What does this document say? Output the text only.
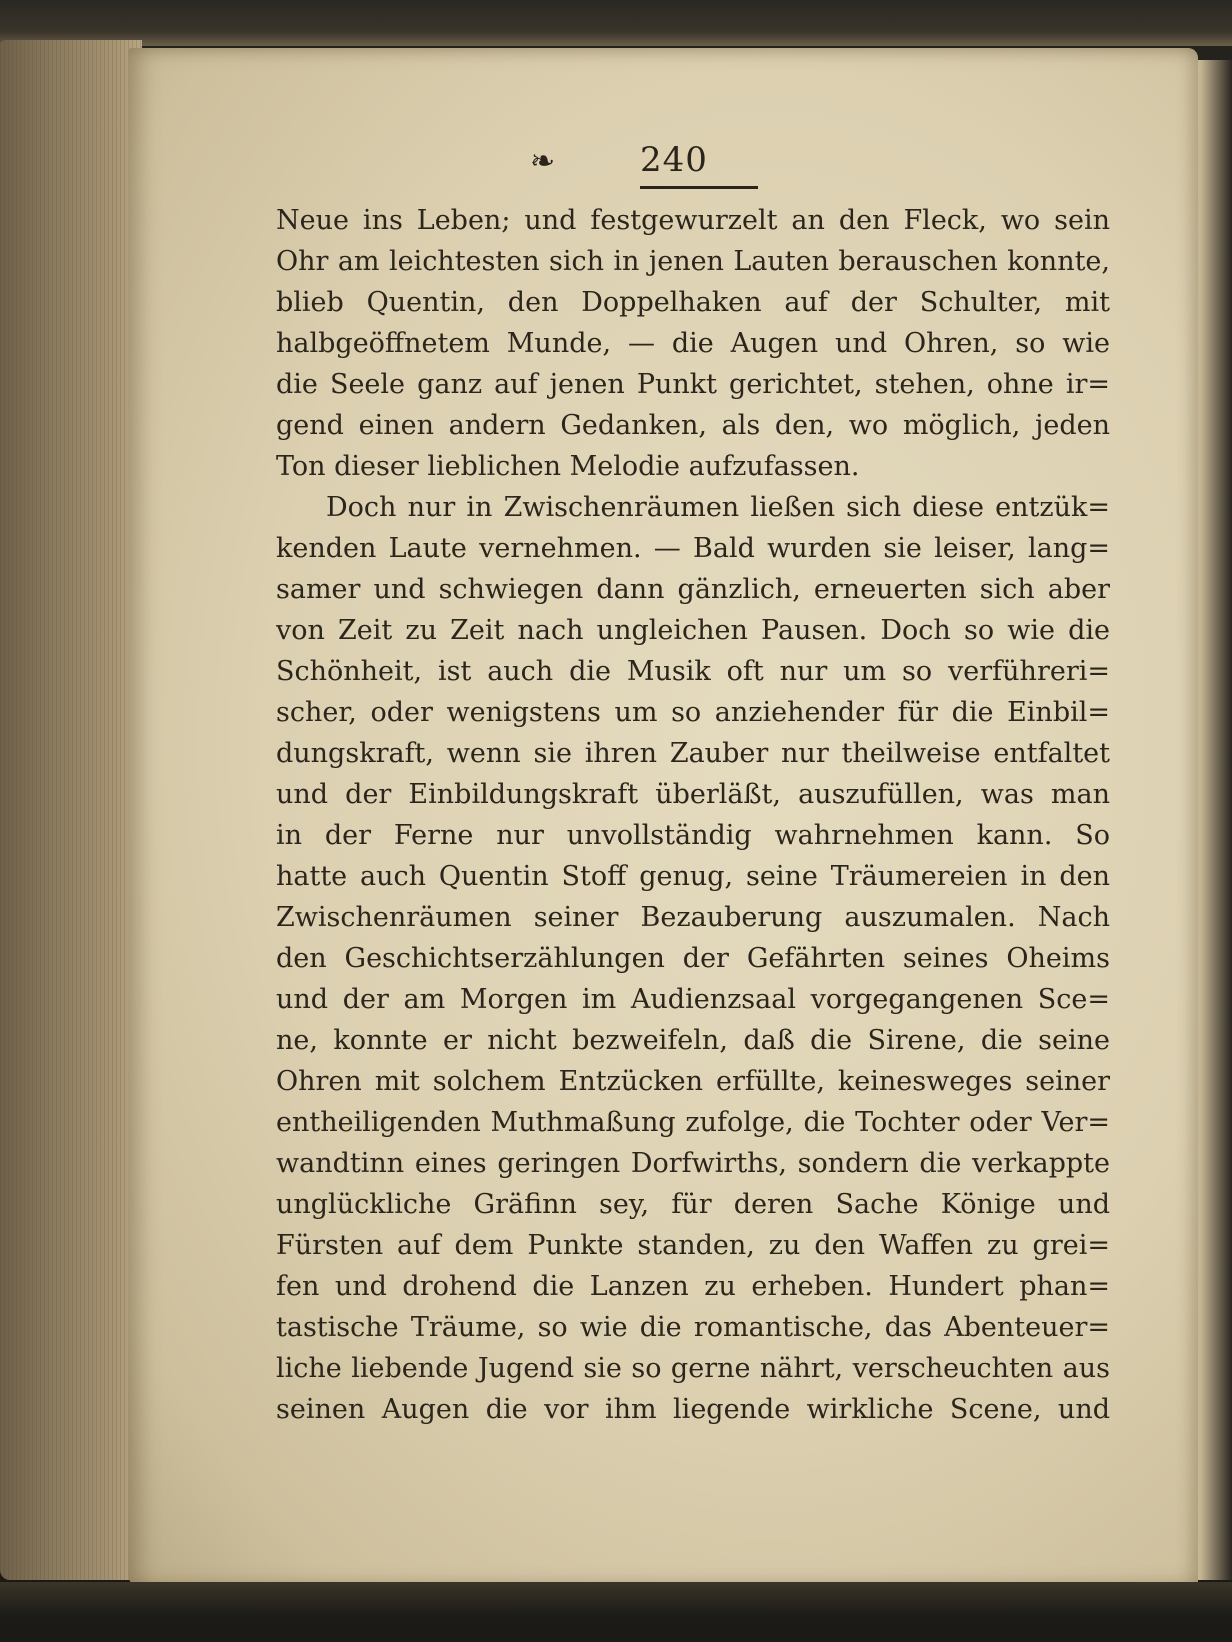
❧ 240
Neue ins Leben; und festgewurzelt an den Fleck, wo sein
Ohr am leichtesten sich in jenen Lauten berauschen konnte,
blieb Quentin, den Doppelhaken auf der Schulter, mit
halbgeöffnetem Munde, — die Augen und Ohren, so wie
die Seele ganz auf jenen Punkt gerichtet, stehen, ohne ir=
gend einen andern Gedanken, als den, wo möglich, jeden
Ton dieser lieblichen Melodie aufzufassen.
Doch nur in Zwischenräumen ließen sich diese entzük=
kenden Laute vernehmen. — Bald wurden sie leiser, lang=
samer und schwiegen dann gänzlich, erneuerten sich aber
von Zeit zu Zeit nach ungleichen Pausen. Doch so wie die
Schönheit, ist auch die Musik oft nur um so verführeri=
scher, oder wenigstens um so anziehender für die Einbil=
dungskraft, wenn sie ihren Zauber nur theilweise entfaltet
und der Einbildungskraft überläßt, auszufüllen, was man
in der Ferne nur unvollständig wahrnehmen kann. So
hatte auch Quentin Stoff genug, seine Träumereien in den
Zwischenräumen seiner Bezauberung auszumalen. Nach
den Geschichtserzählungen der Gefährten seines Oheims
und der am Morgen im Audienzsaal vorgegangenen Sce=
ne, konnte er nicht bezweifeln, daß die Sirene, die seine
Ohren mit solchem Entzücken erfüllte, keinesweges seiner
entheiligenden Muthmaßung zufolge, die Tochter oder Ver=
wandtinn eines geringen Dorfwirths, sondern die verkappte
unglückliche Gräfinn sey, für deren Sache Könige und
Fürsten auf dem Punkte standen, zu den Waffen zu grei=
fen und drohend die Lanzen zu erheben. Hundert phan=
tastische Träume, so wie die romantische, das Abenteuer=
liche liebende Jugend sie so gerne nährt, verscheuchten aus
seinen Augen die vor ihm liegende wirkliche Scene, und
